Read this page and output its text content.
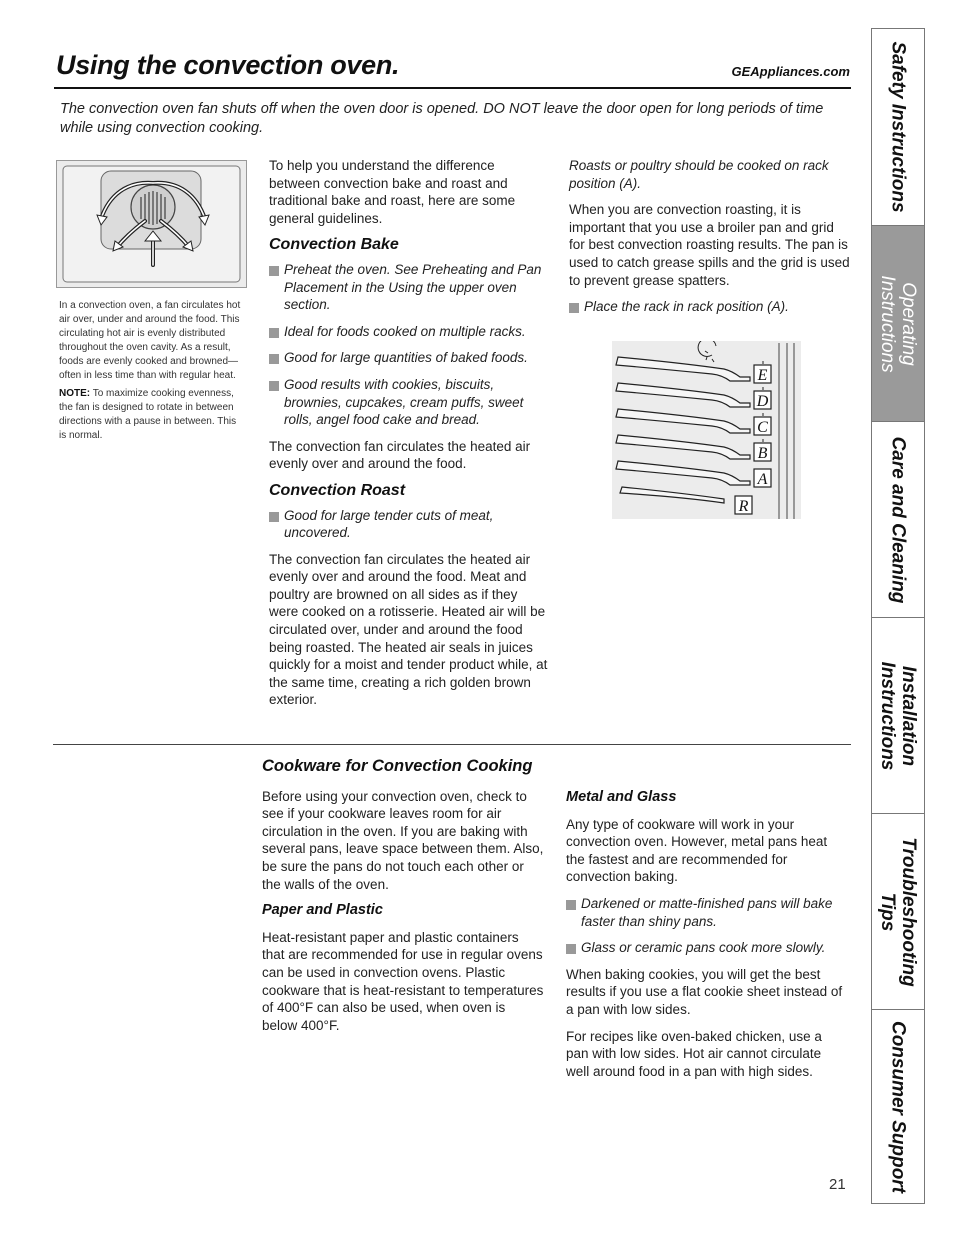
Using the convection oven.	GEAppliances.com
The convection oven fan shuts off when the oven door is opened. DO NOT leave the door open for long periods of time while using convection cooking.

In a convection oven, a fan circulates hot air over, under and around the food. This circulating hot air is evenly distributed throughout the oven cavity. As a result, foods are evenly cooked and browned—often in less time than with regular heat.

NOTE: To maximize cooking evenness, the fan is designed to rotate in between directions with a pause in between. This is normal.

To help you understand the difference between convection bake and roast and traditional bake and roast, here are some general guidelines.

Convection Bake
Preheat the oven. See Preheating and Pan Placement in the Using the upper oven section.
Ideal for foods cooked on multiple racks.
Good for large quantities of baked foods.
Good results with cookies, biscuits, brownies, cupcakes, cream puffs, sweet rolls, angel food cake and bread.

The convection fan circulates the heated air evenly over and around the food.

Convection Roast
Good for large tender cuts of meat, uncovered.

The convection fan circulates the heated air evenly over and around the food. Meat and poultry are browned on all sides as if they were cooked on a rotisserie. Heated air will be circulated over, under and around the food being roasted. The heated air seals in juices quickly for a moist and tender product while, at the same time, creating a rich golden brown exterior.

Roasts or poultry should be cooked on rack position (A).

When you are convection roasting, it is important that you use a broiler pan and grid for best convection roasting results. The pan is used to catch grease spills and the grid is used to prevent grease spatters.

Place the rack in rack position (A).
E
D
C
B
A
R
Cookware for Convection Cooking

Before using your convection oven, check to see if your cookware leaves room for air circulation in the oven. If you are baking with several pans, leave space between them. Also, be sure the pans do not touch each other or the walls of the oven.

Paper and Plastic

Heat-resistant paper and plastic containers that are recommended for use in regular ovens can be used in convection ovens. Plastic cookware that is heat-resistant to temperatures of 400°F can also be used, when oven is below 400°F.

Metal and Glass

Any type of cookware will work in your convection oven. However, metal pans heat the fastest and are recommended for convection baking.

Darkened or matte-finished pans will bake faster than shiny pans.
Glass or ceramic pans cook more slowly.

When baking cookies, you will get the best results if you use a flat cookie sheet instead of a pan with low sides.

For recipes like oven-baked chicken, use a pan with low sides. Hot air cannot circulate well around food in a pan with high sides.

21
Safety Instructions
Operating
Instructions
Care and Cleaning
Installation
Instructions
Troubleshooting
Tips
Consumer Support
